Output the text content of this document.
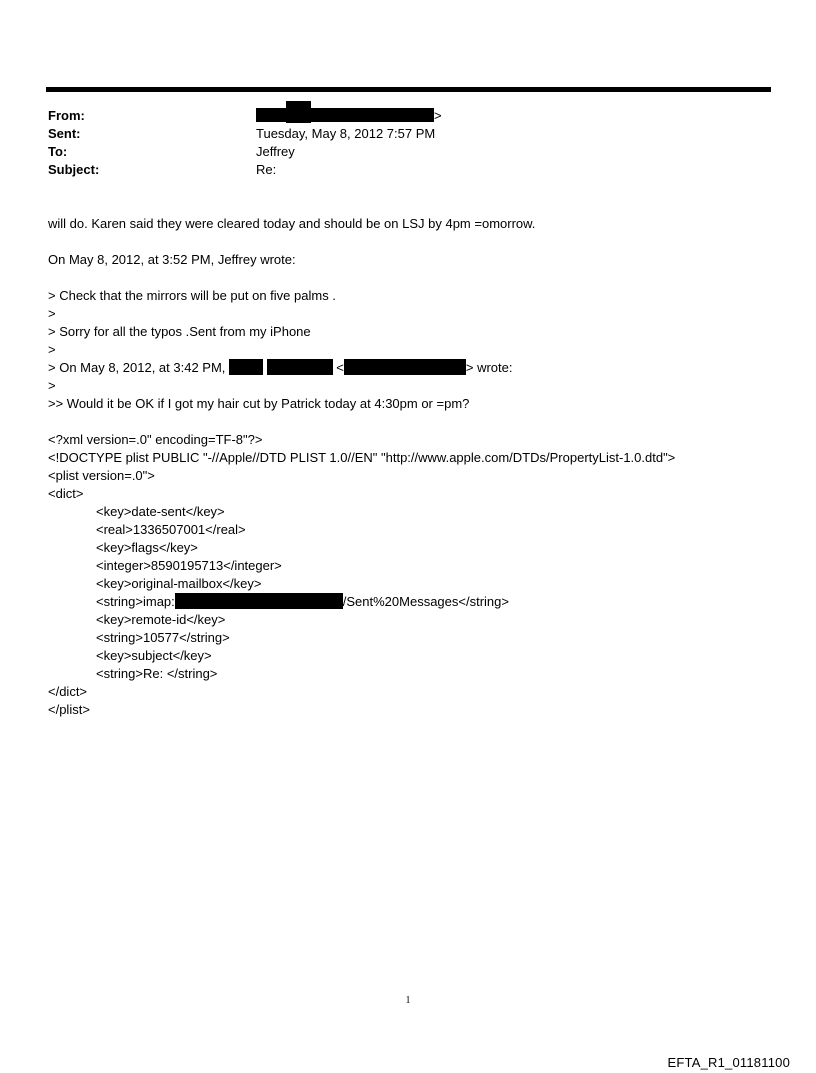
From:	>
Sent:	Tuesday, May 8, 2012 7:57 PM
To:	Jeffrey
Subject:	Re:
will do. Karen said they were cleared today and should be on LSJ by 4pm =omorrow.
On May 8, 2012, at 3:52 PM, Jeffrey wrote:
> Check that the mirrors will be put on five palms .
>
> Sorry for all the typos .Sent from my iPhone
>
> On May 8, 2012, at 3:42 PM,	<	> wrote:
>
>> Would it be OK if I got my hair cut by Patrick today at 4:30pm or =pm?
<?xml version=.0" encoding=TF-8"?>
<!DOCTYPE plist PUBLIC "-//Apple//DTD PLIST 1.0//EN" "http://www.apple.com/DTDs/PropertyList-1.0.dtd">
<plist version=.0">
<dict>
<key>date-sent</key>
<real>1336507001</real>
<key>flags</key>
<integer>8590195713</integer>
<key>original-mailbox</key>
<string>imap:	/Sent%20Messages</string>
<key>remote-id</key>
<string>10577</string>
<key>subject</key>
<string>Re: </string>
</dict>
</plist>
1
EFTA_R1_01181100
